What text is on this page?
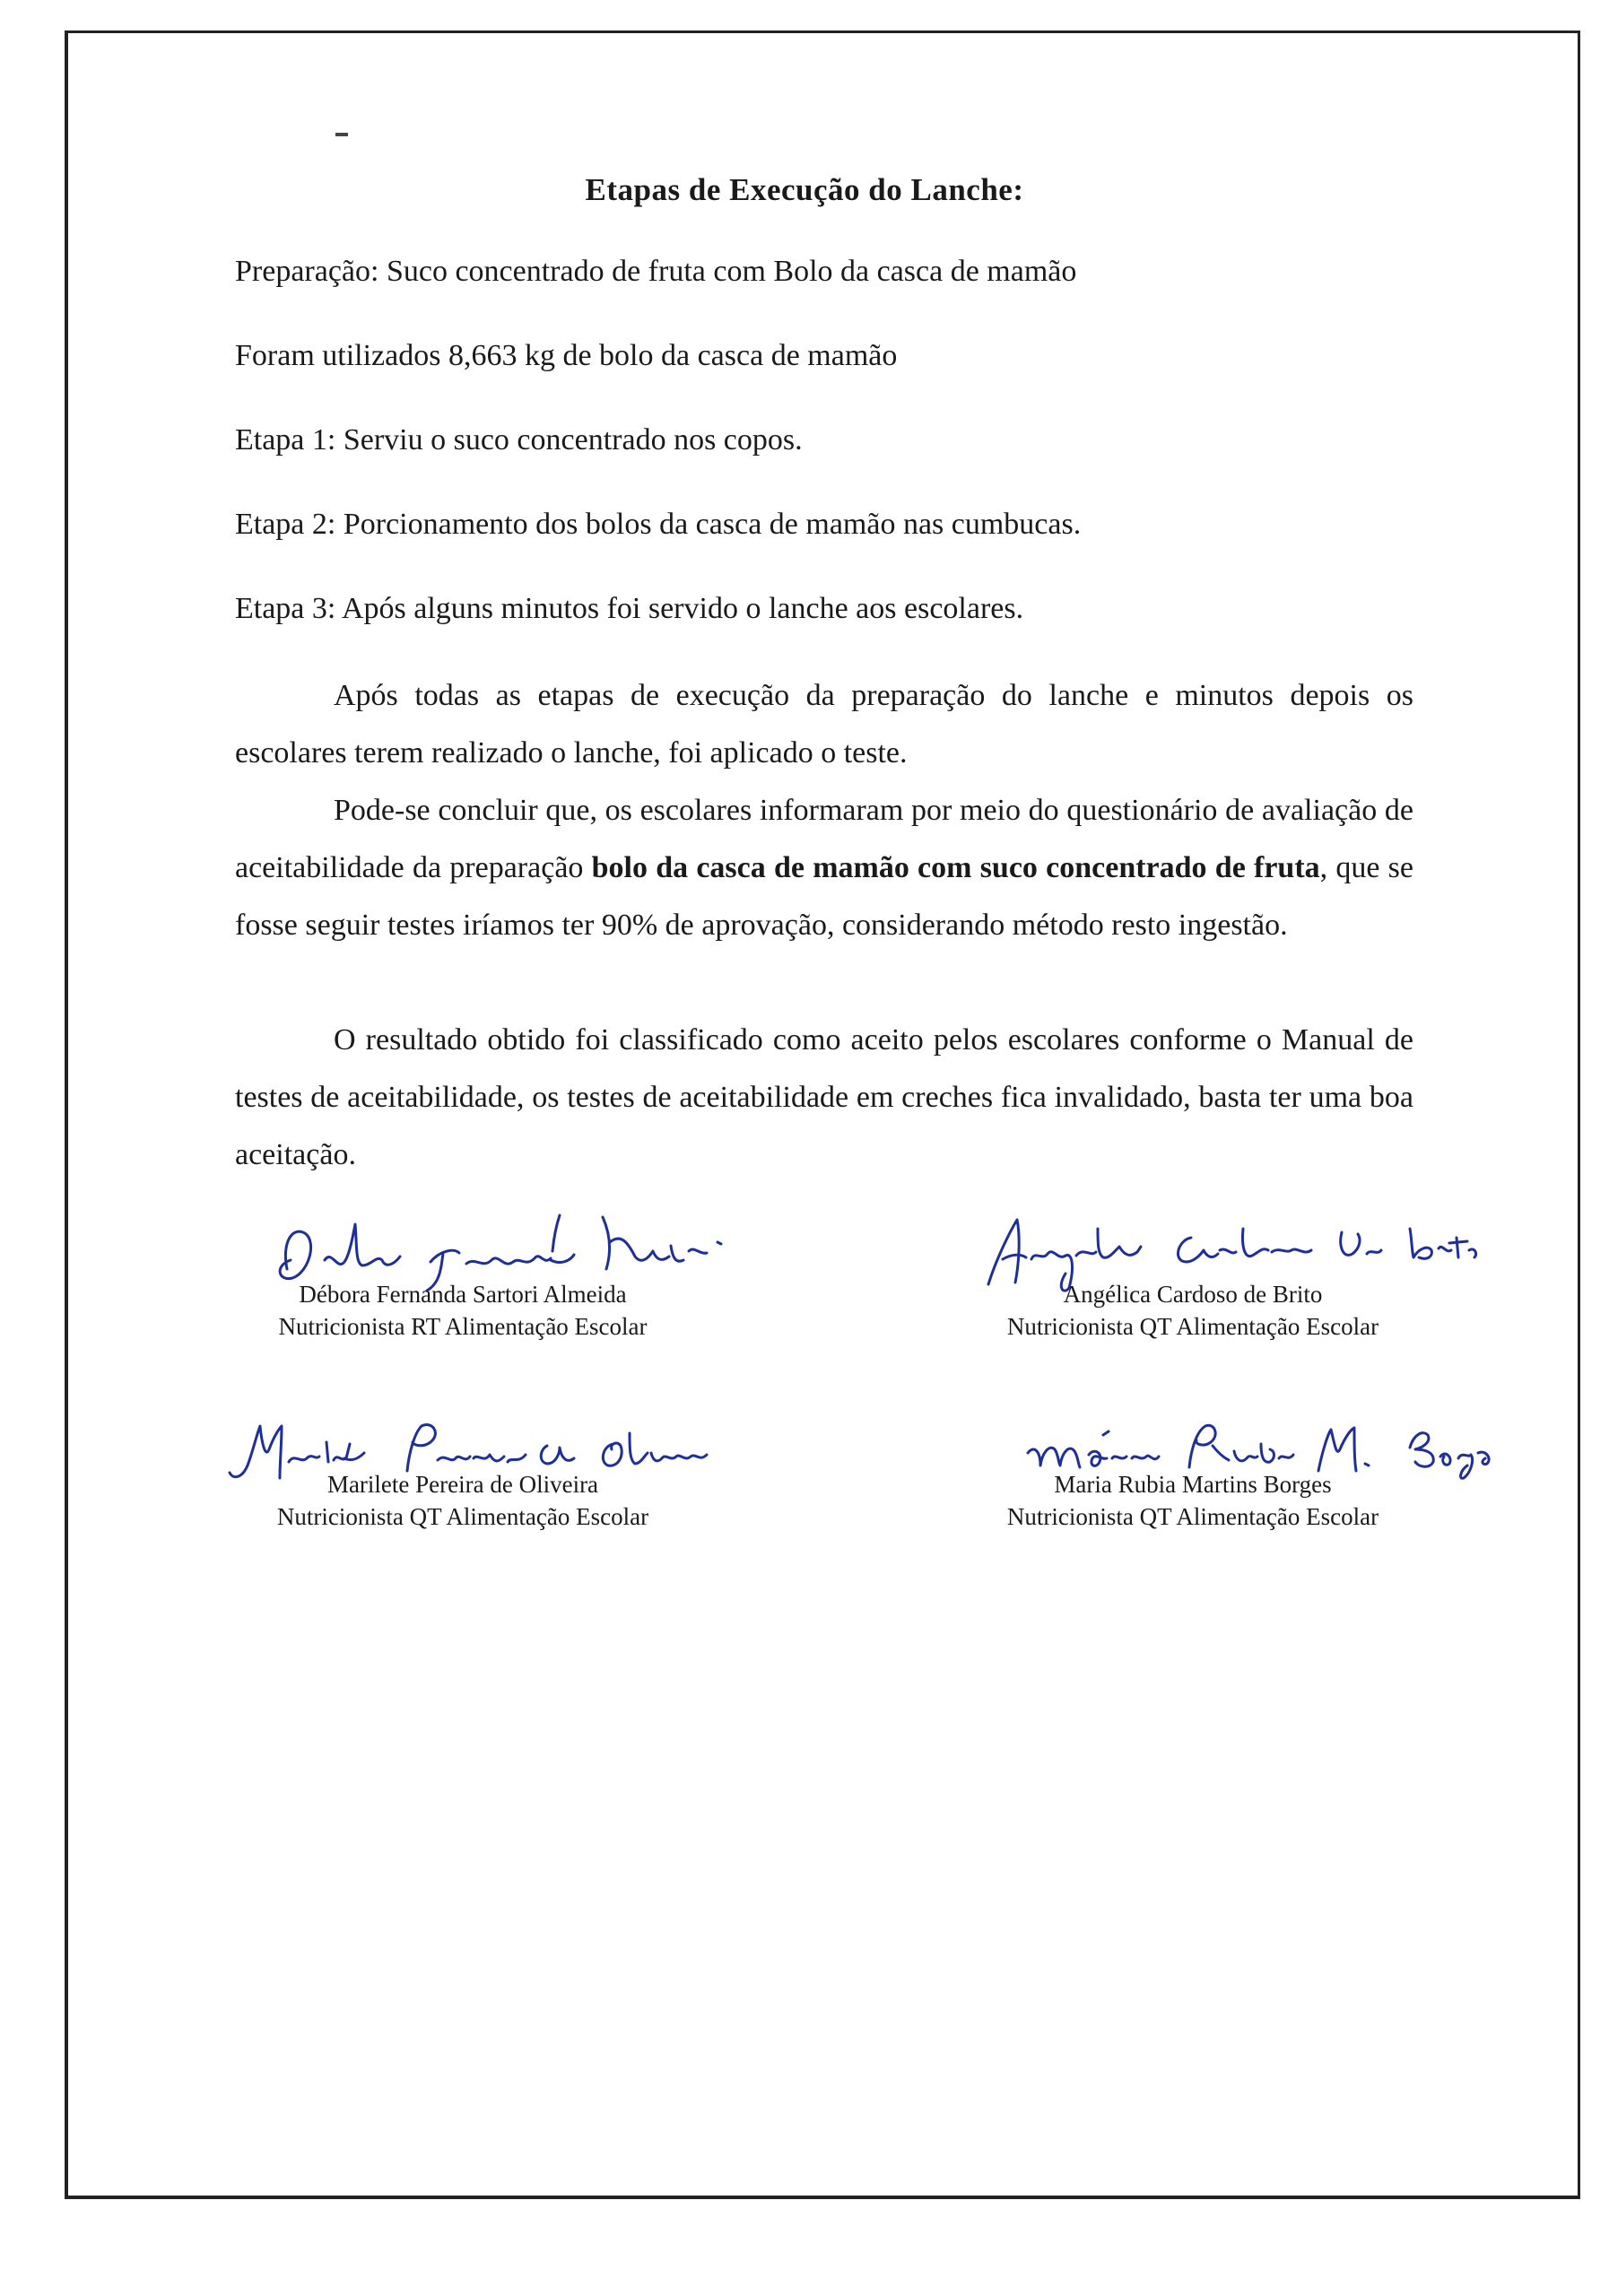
Etapas de Execução do Lanche:
Preparação: Suco concentrado de fruta com Bolo da casca de mamão
Foram utilizados 8,663 kg de bolo da casca de mamão
Etapa 1: Serviu o suco concentrado nos copos.
Etapa 2: Porcionamento dos bolos da casca de mamão nas cumbucas.
Etapa 3: Após alguns minutos foi servido o lanche aos escolares.
Após todas as etapas de execução da preparação do lanche e minutos depois os escolares terem realizado o lanche, foi aplicado o teste.
Pode-se concluir que, os escolares informaram por meio do questionário de avaliação de aceitabilidade da preparação bolo da casca de mamão com suco concentrado de fruta, que se fosse seguir testes iríamos ter 90% de aprovação, considerando método resto ingestão.
O resultado obtido foi classificado como aceito pelos escolares conforme o Manual de testes de aceitabilidade, os testes de aceitabilidade em creches fica invalidado, basta ter uma boa aceitação.
Débora Fernanda Sartori Almeida
Nutricionista RT Alimentação Escolar
Angélica Cardoso de Brito
Nutricionista QT Alimentação Escolar
Marilete Pereira de Oliveira
Nutricionista QT Alimentação Escolar
Maria Rubia Martins Borges
Nutricionista QT Alimentação Escolar
